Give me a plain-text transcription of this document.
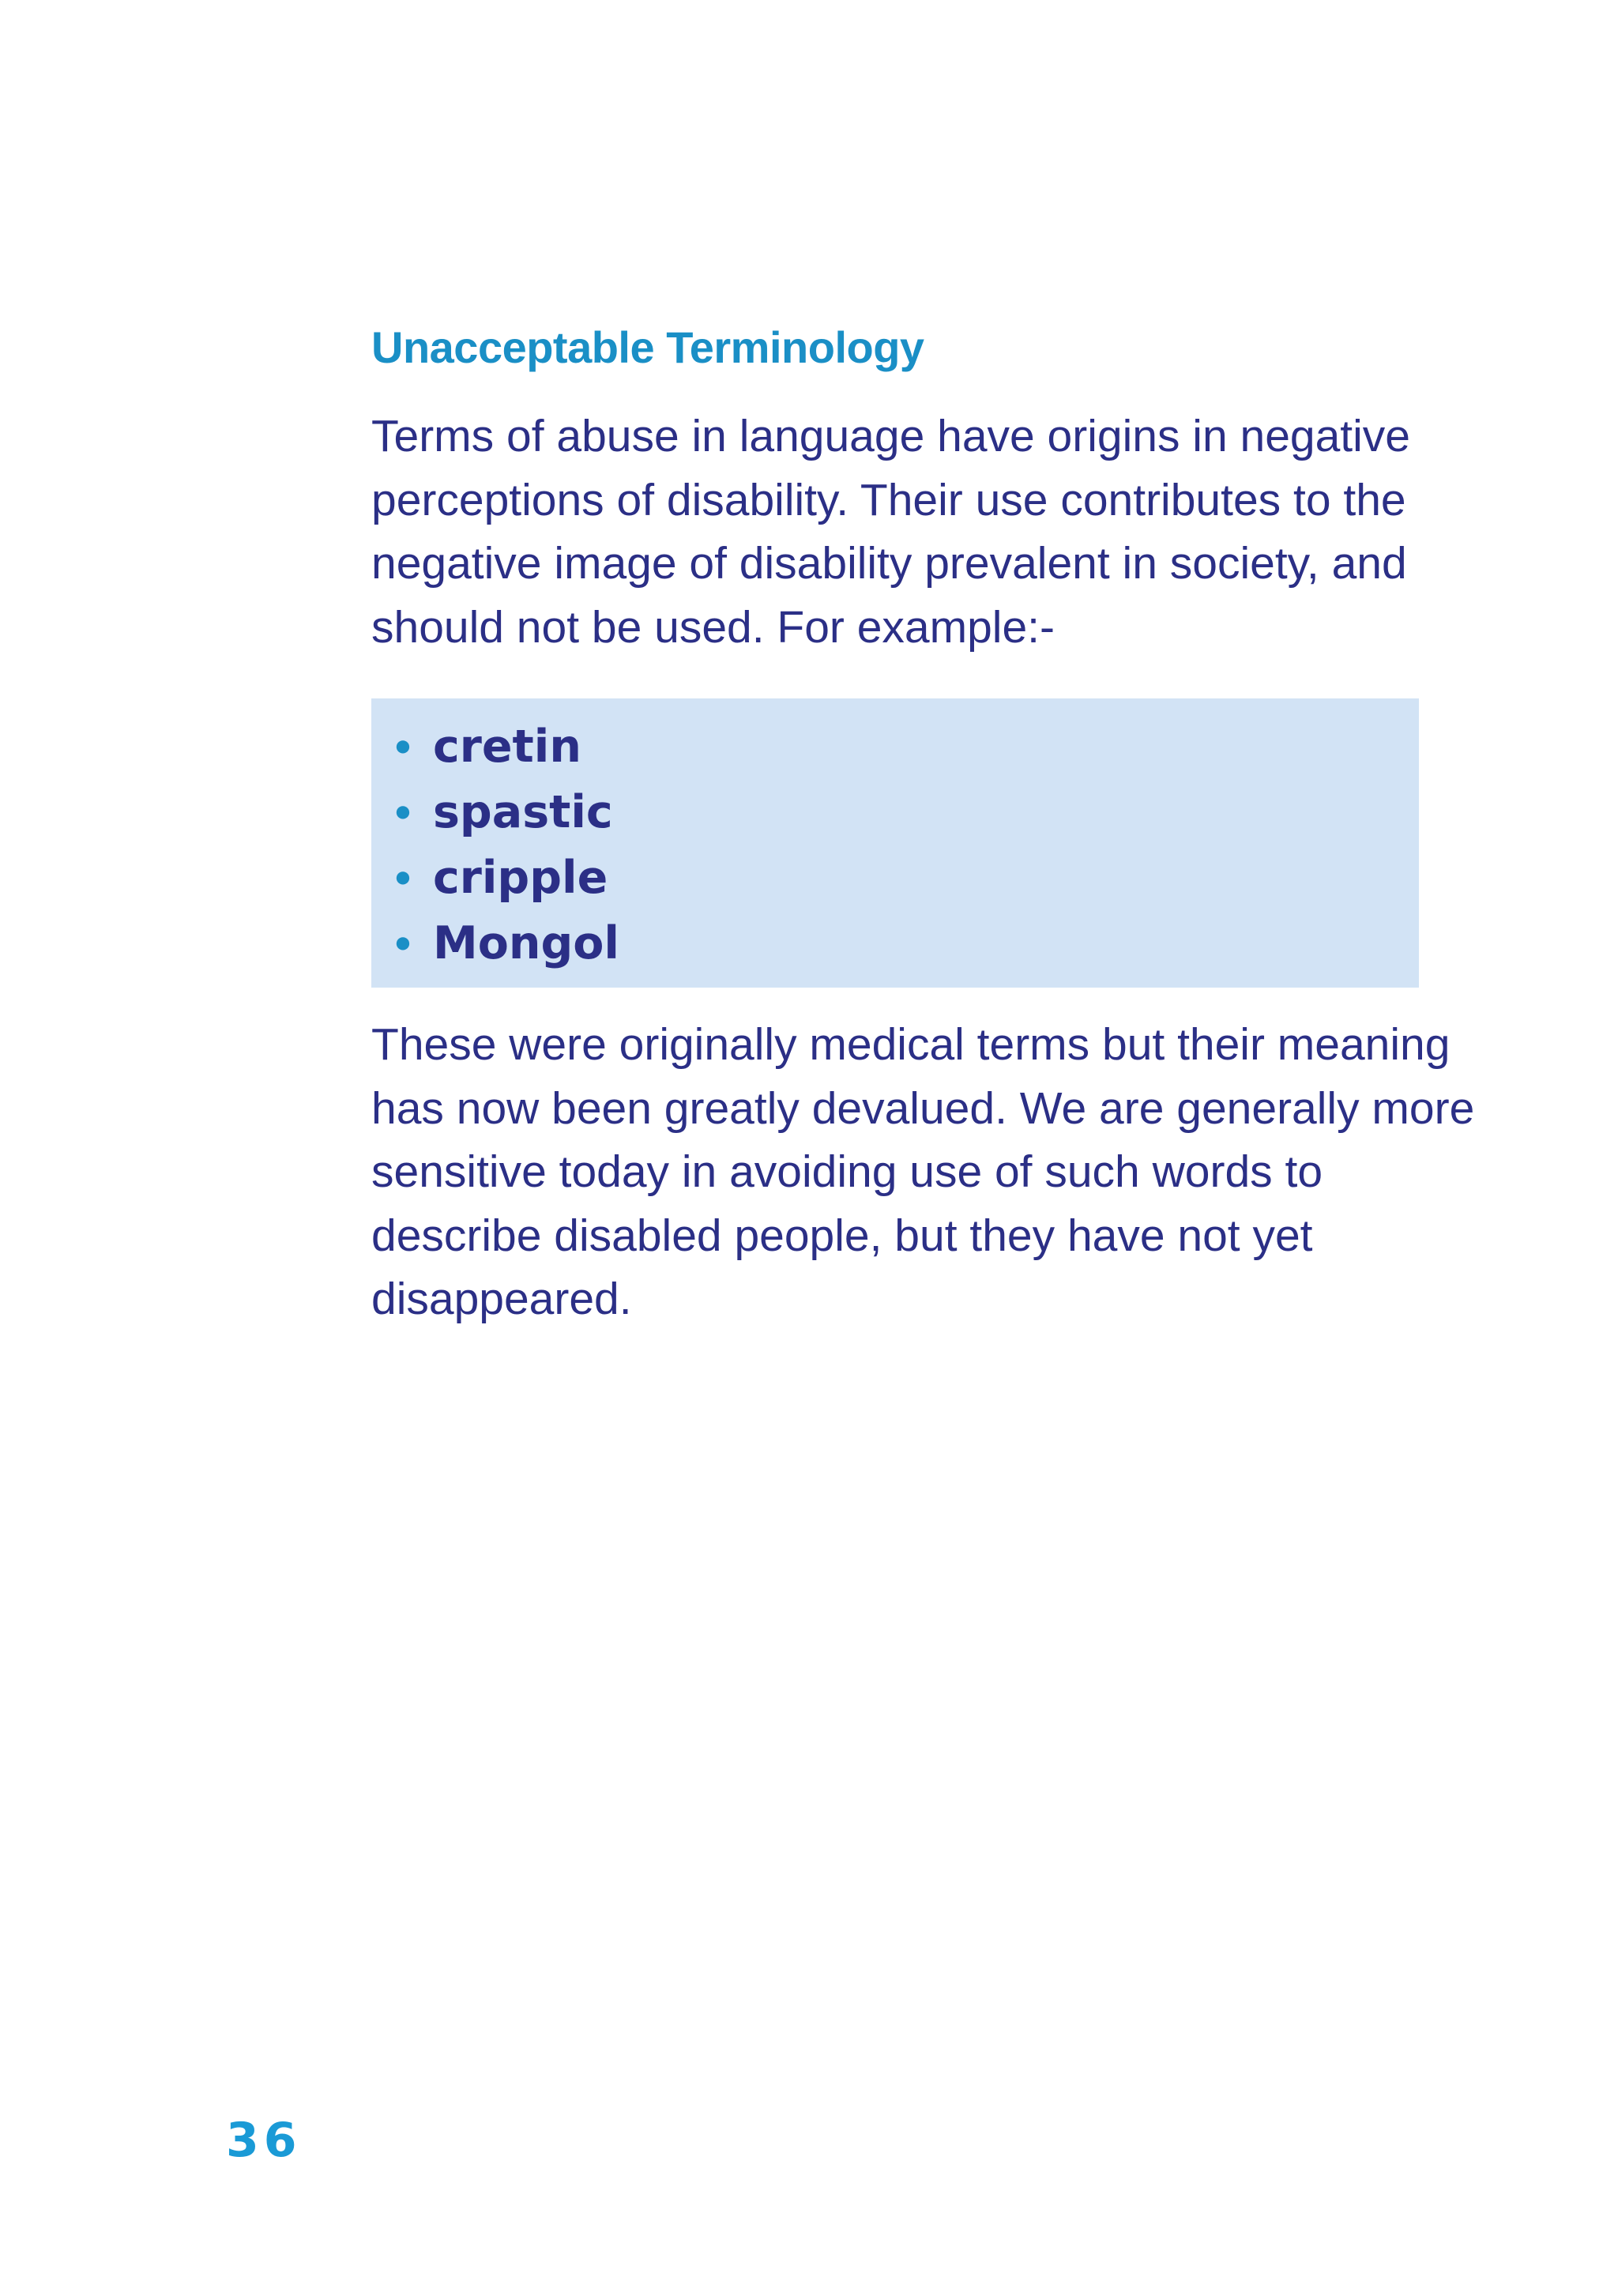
Unacceptable Terminology

Terms of abuse in language have origins in negative perceptions of disability. Their use contributes to the negative image of disability prevalent in society, and should not be used. For example:-

• cretin
• spastic
• cripple
• Mongol

These were originally medical terms but their meaning has now been greatly devalued. We are generally more sensitive today in avoiding use of such words to describe disabled people, but they have not yet disappeared.

36
